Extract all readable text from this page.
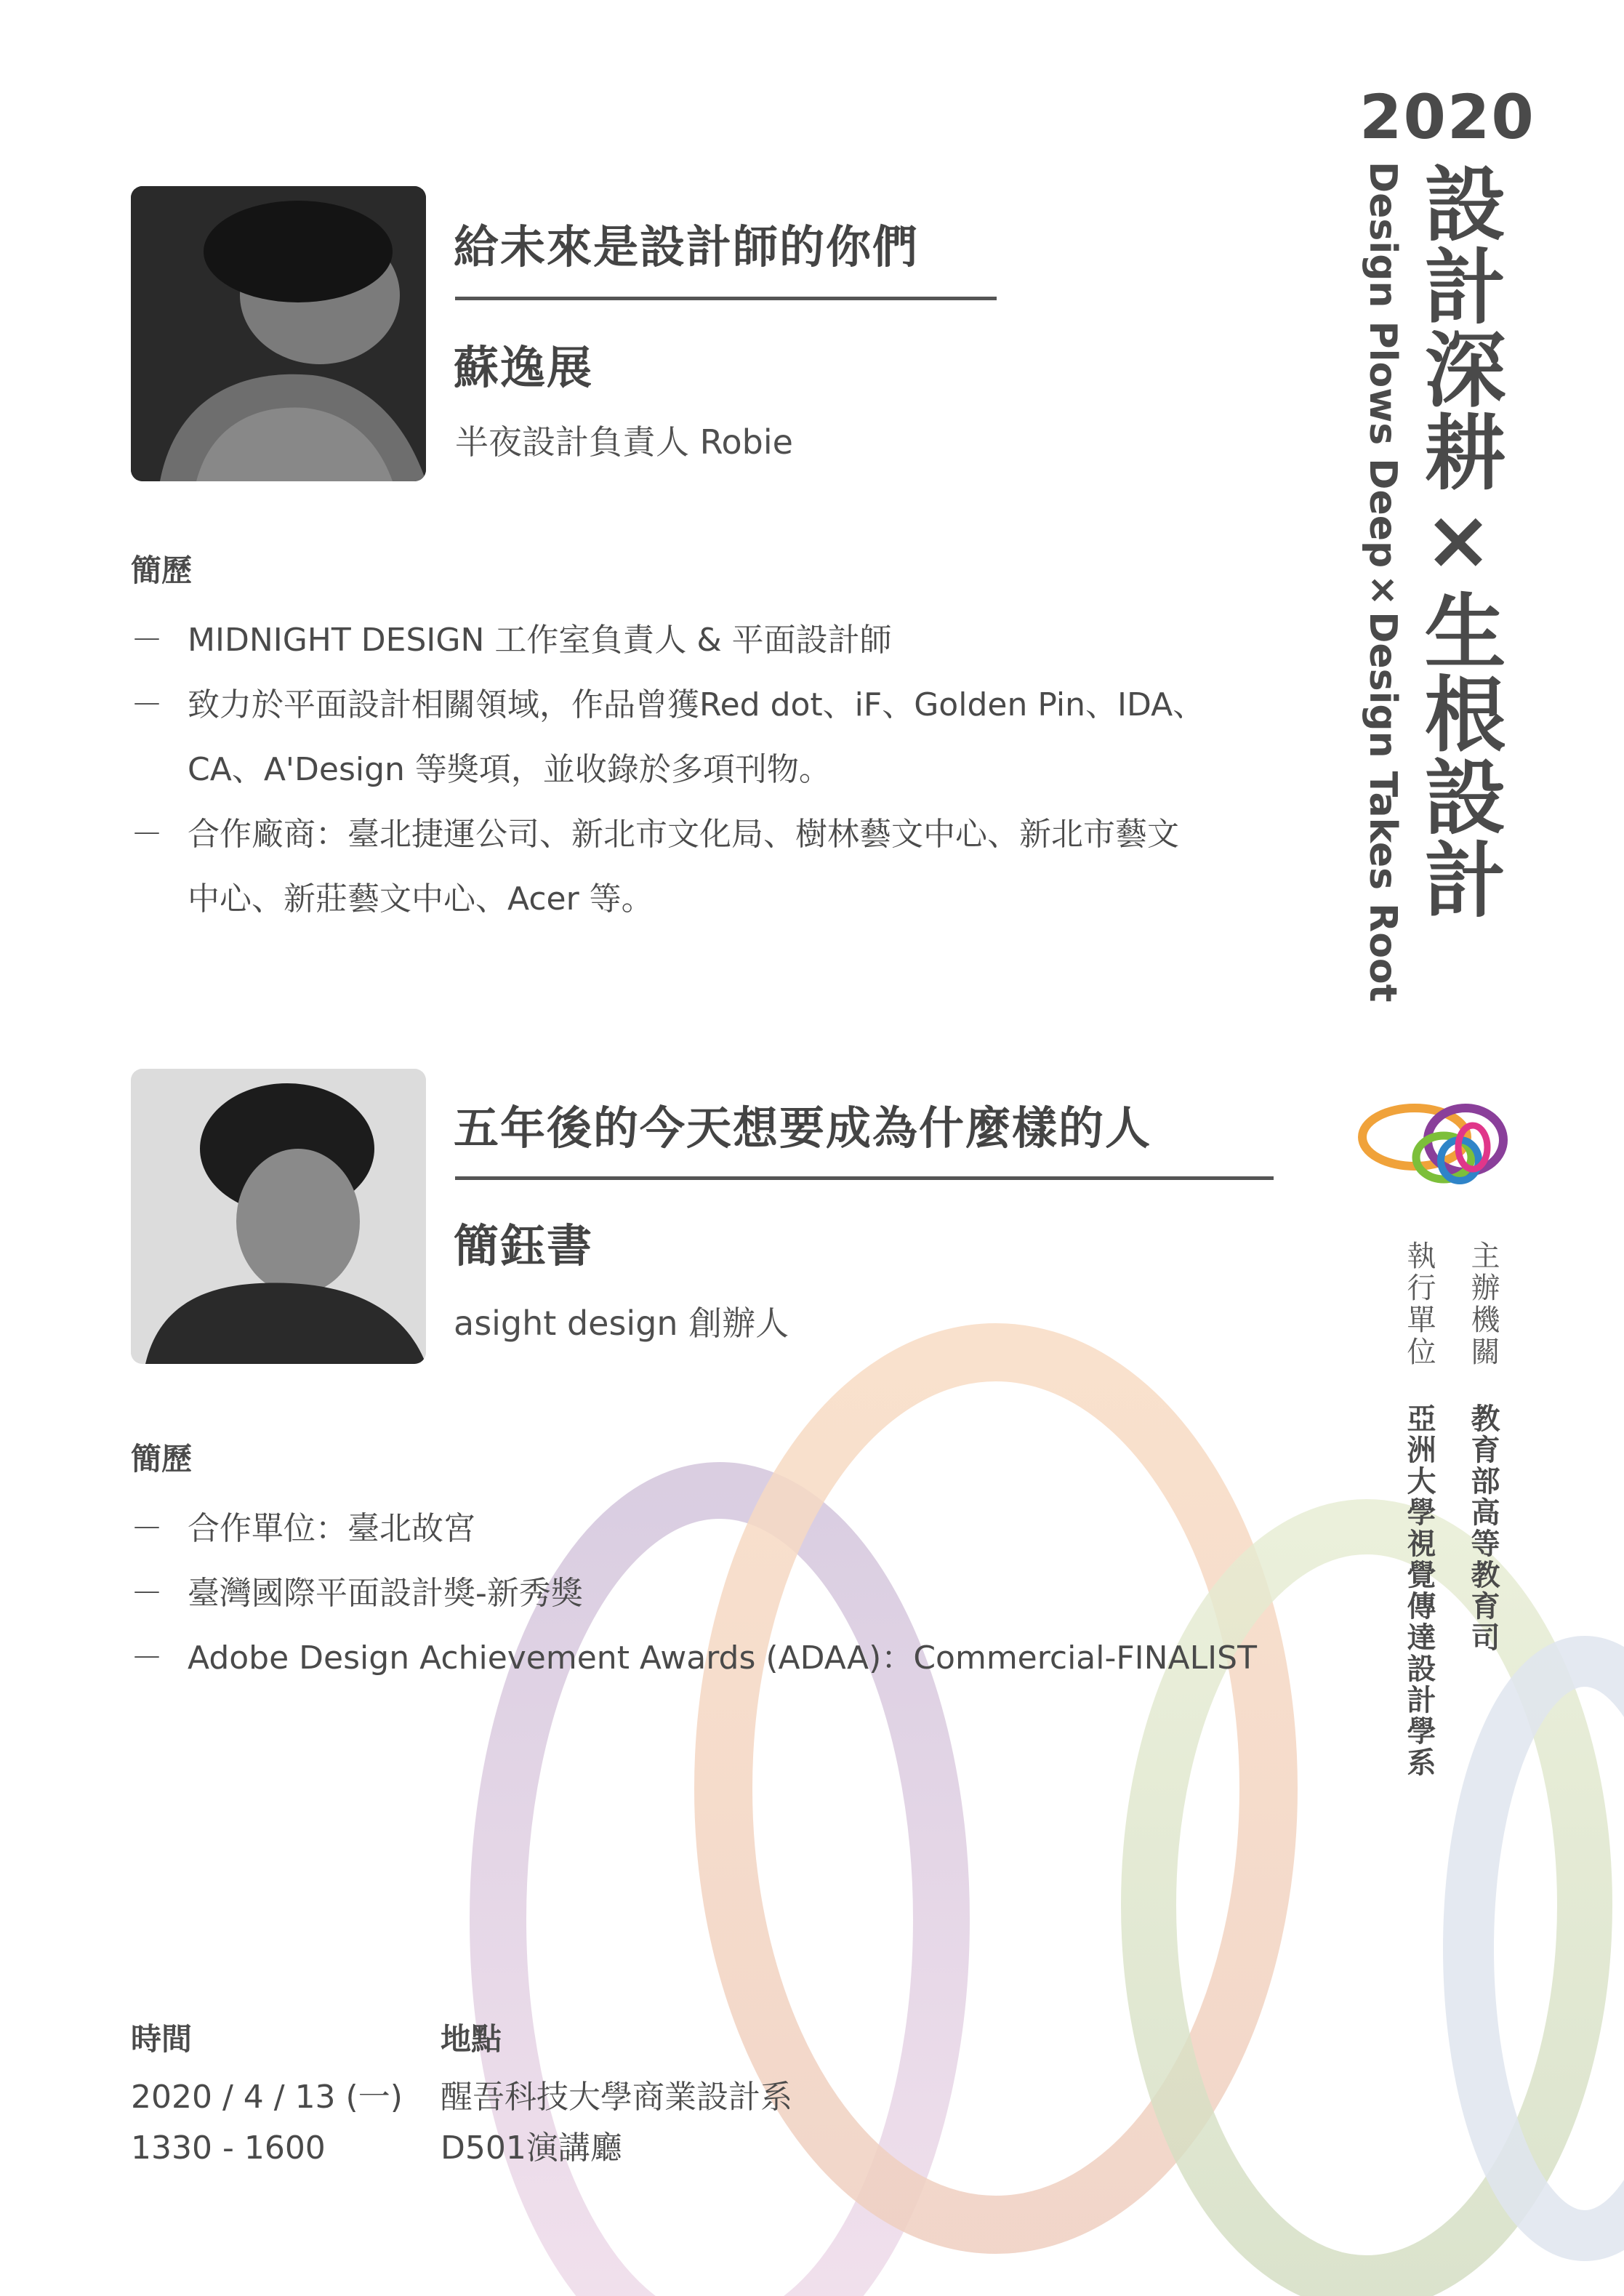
給未來是設計師的你們
蘇逸展
半夜設計負責人 Robie
簡歷
－ MIDNIGHT DESIGN 工作室負責人 & 平面設計師
－ 致力於平面設計相關領域，作品曾獲Red dot、iF、Golden Pin、IDA、
CA、A'Design 等獎項，並收錄於多項刊物。
－ 合作廠商：臺北捷運公司、新北市文化局、樹林藝文中心、新北市藝文
中心、新莊藝文中心、Acer 等。
五年後的今天想要成為什麼樣的人
簡鈺書
asight design 創辦人
簡歷
－ 合作單位：臺北故宮
－ 臺灣國際平面設計獎-新秀獎
－ Adobe Design Achievement Awards (ADAA)：Commercial-FINALIST
時間
2020 / 4 / 13 (一)
1330 - 1600
地點
醒吾科技大學商業設計系
D501演講廳
2020
設計深耕×生根設計
Design Plows Deep×Design Takes Root
主辦機關
教育部高等教育司
執行單位
亞洲大學視覺傳達設計學系
